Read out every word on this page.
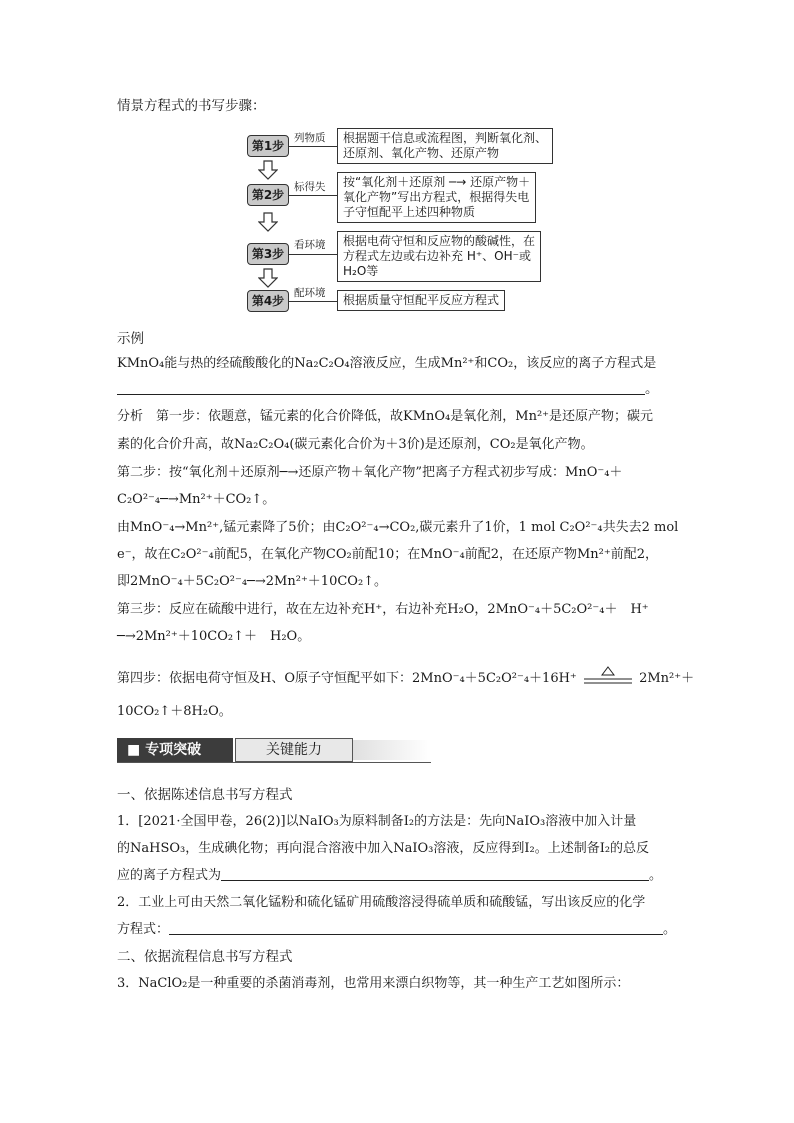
情景方程式的书写步骤：
第1步
列物质 根据题干信息或流程图，判断氧化剂、
还原剂、氧化产物、还原产物
第2步
标得失 按“氧化剂＋还原剂 ─→ 还原产物＋
氧化产物”写出方程式，根据得失电
子守恒配平上述四种物质
第3步
看环境 根据电荷守恒和反应物的酸碱性，在
方程式左边或右边补充 H⁺、OH⁻或
H₂O等
第4步
配环境 根据质量守恒配平反应方程式
示例
KMnO₄能与热的经硫酸酸化的Na₂C₂O₄溶液反应，生成Mn²⁺和CO₂，该反应的离子方程式是
。
分析　第一步：依题意，锰元素的化合价降低，故KMnO₄是氧化剂，Mn²⁺是还原产物；碳元
素的化合价升高，故Na₂C₂O₄(碳元素化合价为＋3价)是还原剂，CO₂是氧化产物。
第二步：按“氧化剂＋还原剂─→还原产物＋氧化产物”把离子方程式初步写成：MnO⁻₄＋
C₂O²⁻₄─→Mn²⁺＋CO₂↑。
由MnO⁻₄→Mn²⁺,锰元素降了5价；由C₂O²⁻₄→CO₂,碳元素升了1价，1 mol C₂O²⁻₄共失去2 mol
e⁻，故在C₂O²⁻₄前配5，在氧化产物CO₂前配10；在MnO⁻₄前配2，在还原产物Mn²⁺前配2，
即2MnO⁻₄＋5C₂O²⁻₄─→2Mn²⁺＋10CO₂↑。
第三步：反应在硫酸中进行，故在左边补充H⁺，右边补充H₂O，2MnO⁻₄＋5C₂O²⁻₄＋　H⁺
─→2Mn²⁺＋10CO₂↑＋　H₂O。
第四步：依据电荷守恒及H、O原子守恒配平如下：2MnO⁻₄＋5C₂O²⁻₄＋16H⁺	2Mn²⁺＋
10CO₂↑＋8H₂O。
■ 专项突破	关键能力
一、依据陈述信息书写方程式
1．[2021·全国甲卷，26(2)]以NaIO₃为原料制备I₂的方法是：先向NaIO₃溶液中加入计量
的NaHSO₃，生成碘化物；再向混合溶液中加入NaIO₃溶液，反应得到I₂。上述制备I₂的总反
应的离子方程式为	。
2．工业上可由天然二氧化锰粉和硫化锰矿用硫酸溶浸得硫单质和硫酸锰，写出该反应的化学
方程式：	。
二、依据流程信息书写方程式
3．NaClO₂是一种重要的杀菌消毒剂，也常用来漂白织物等，其一种生产工艺如图所示：
